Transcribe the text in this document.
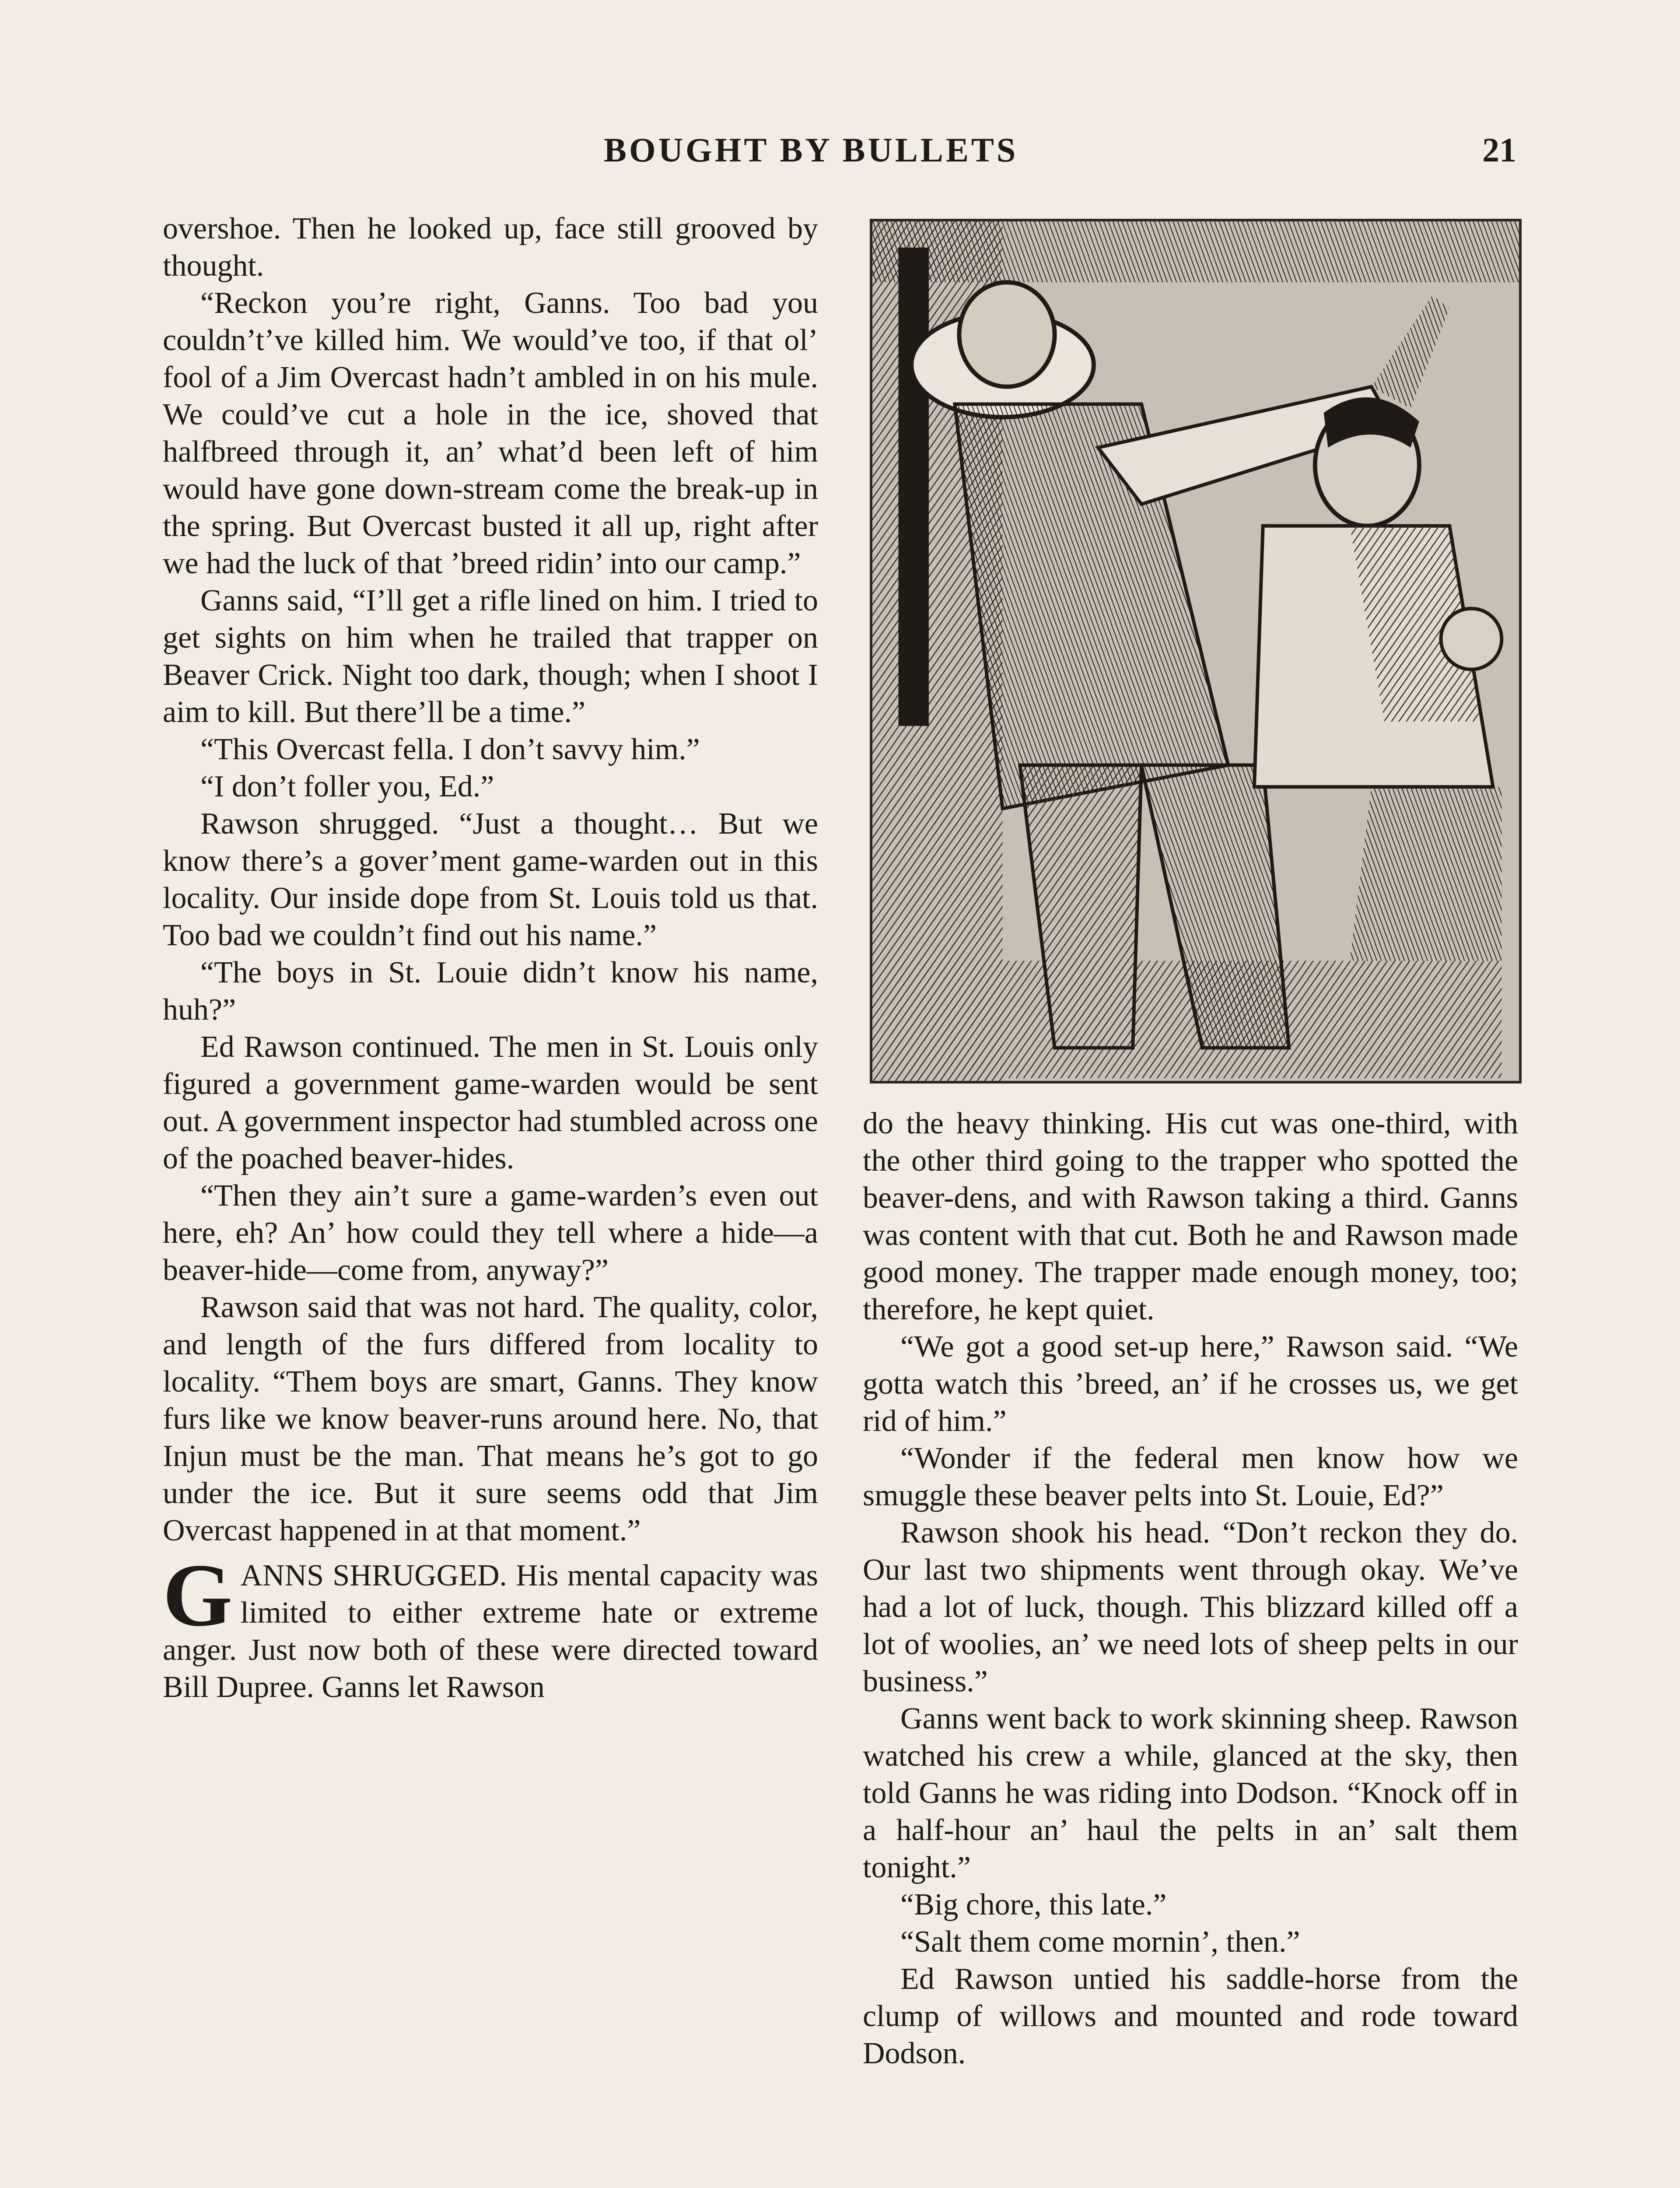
BOUGHT BY BULLETS	21

overshoe. Then he looked up, face still grooved by thought.

“Reckon you’re right, Ganns. Too bad you couldn’t’ve killed him. We would’ve too, if that ol’ fool of a Jim Overcast hadn’t ambled in on his mule. We could’ve cut a hole in the ice, shoved that halfbreed through it, an’ what’d been left of him would have gone down-stream come the break-up in the spring. But Overcast busted it all up, right after we had the luck of that ’breed ridin’ into our camp.”

Ganns said, “I’ll get a rifle lined on him. I tried to get sights on him when he trailed that trapper on Beaver Crick. Night too dark, though; when I shoot I aim to kill. But there’ll be a time.”

“This Overcast fella. I don’t savvy him.”

“I don’t foller you, Ed.”

Rawson shrugged. “Just a thought… But we know there’s a gover’ment game-warden out in this locality. Our inside dope from St. Louis told us that. Too bad we couldn’t find out his name.”

“The boys in St. Louie didn’t know his name, huh?”

Ed Rawson continued. The men in St. Louis only figured a government game-warden would be sent out. A government inspector had stumbled across one of the poached beaver-hides.

“Then they ain’t sure a game-warden’s even out here, eh? An’ how could they tell where a hide—a beaver-hide—come from, anyway?”

Rawson said that was not hard. The quality, color, and length of the furs differed from locality to locality. “Them boys are smart, Ganns. They know furs like we know beaver-runs around here. No, that Injun must be the man. That means he’s got to go under the ice. But it sure seems odd that Jim Overcast happened in at that moment.”

GANNS SHRUGGED. His mental capacity was limited to either extreme hate or extreme anger. Just now both of these were directed toward Bill Dupree. Ganns let Rawson

do the heavy thinking. His cut was one-third, with the other third going to the trapper who spotted the beaver-dens, and with Rawson taking a third. Ganns was content with that cut. Both he and Rawson made good money. The trapper made enough money, too; therefore, he kept quiet.

“We got a good set-up here,” Rawson said. “We gotta watch this ’breed, an’ if he crosses us, we get rid of him.”

“Wonder if the federal men know how we smuggle these beaver pelts into St. Louie, Ed?”

Rawson shook his head. “Don’t reckon they do. Our last two shipments went through okay. We’ve had a lot of luck, though. This blizzard killed off a lot of woolies, an’ we need lots of sheep pelts in our business.”

Ganns went back to work skinning sheep. Rawson watched his crew a while, glanced at the sky, then told Ganns he was riding into Dodson. “Knock off in a half-hour an’ haul the pelts in an’ salt them tonight.”

“Big chore, this late.”

“Salt them come mornin’, then.”

Ed Rawson untied his saddle-horse from the clump of willows and mounted and rode toward Dodson.
